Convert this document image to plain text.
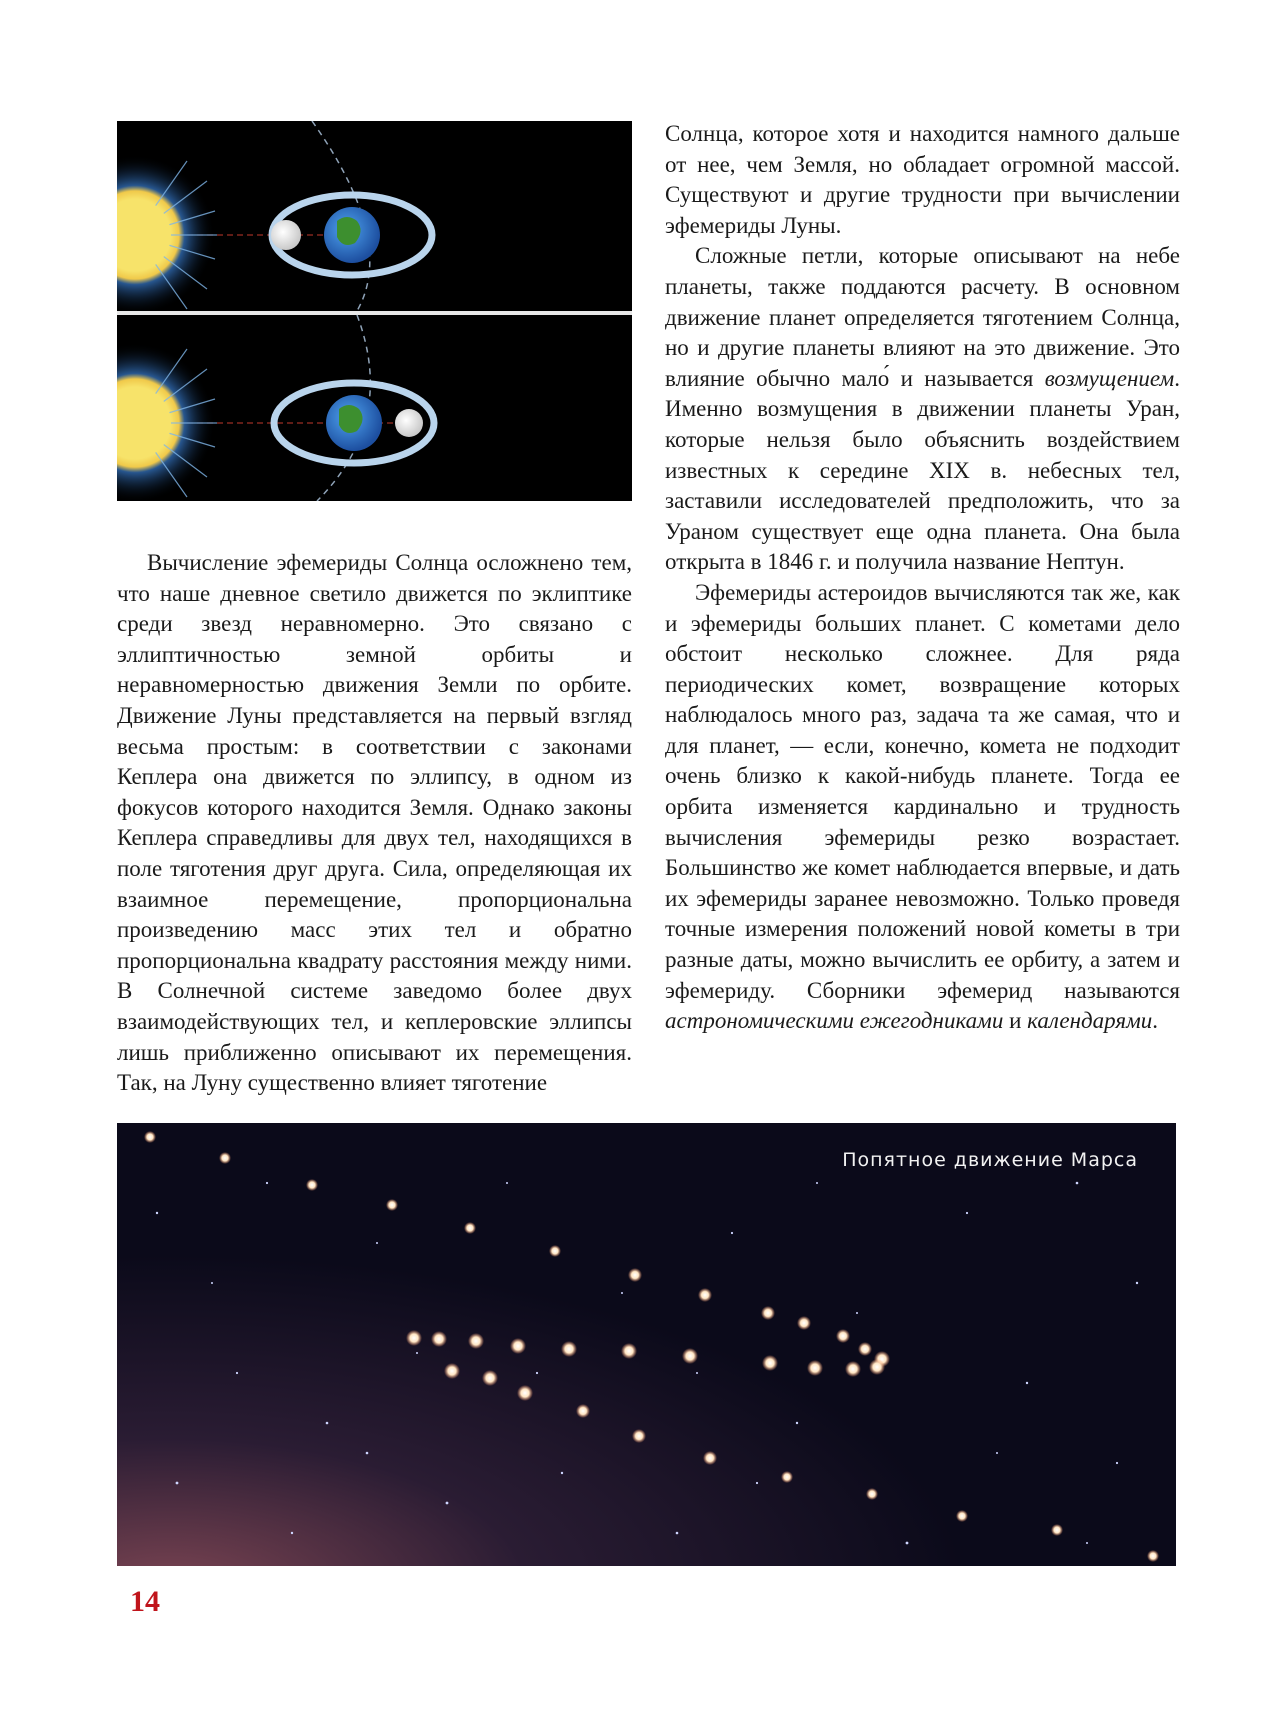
Вычисление эфемериды Солнца осложнено тем, что наше дневное светило движется по эклиптике среди звезд неравномерно. Это связано с эллиптичностью земной орбиты и неравномерностью движения Земли по орбите. Движение Луны представляется на первый взгляд весьма простым: в соответствии с законами Кеплера она движется по эллипсу, в одном из фокусов которого находится Земля. Однако законы Кеплера справедливы для двух тел, находящихся в поле тяготения друг друга. Сила, определяющая их взаимное перемещение, пропорциональна произведению масс этих тел и обратно пропорциональна квадрату расстояния между ними. В Солнечной системе заведомо более двух взаимодействующих тел, и кеплеровские эллипсы лишь приближенно описывают их перемещения. Так, на Луну существенно влияет тяготение

Солнца, которое хотя и находится намного дальше от нее, чем Земля, но обладает огромной массой. Существуют и другие трудности при вычислении эфемериды Луны.

Сложные петли, которые описывают на небе планеты, также поддаются расчету. В основном движение планет определяется тяготением Солнца, но и другие планеты влияют на это движение. Это влияние обычно мало́ и называется возмущением. Именно возмущения в движении планеты Уран, которые нельзя было объяснить воздействием известных к середине XIX в. небесных тел, заставили исследователей предположить, что за Ураном существует еще одна планета. Она была открыта в 1846 г. и получила название Нептун.

Эфемериды астероидов вычисляются так же, как и эфемериды больших планет. С кометами дело обстоит несколько сложнее. Для ряда периодических комет, возвращение которых наблюдалось много раз, задача та же самая, что и для планет, — если, конечно, комета не подходит очень близко к какой-нибудь планете. Тогда ее орбита изменяется кардинально и трудность вычисления эфемериды резко возрастает. Большинство же комет наблюдается впервые, и дать их эфемериды заранее невозможно. Только проведя точные измерения положений новой кометы в три разные даты, можно вычислить ее орбиту, а затем и эфемериду. Сборники эфемерид называются астрономическими ежегодниками и календарями.

Попятное движение Марса
14
